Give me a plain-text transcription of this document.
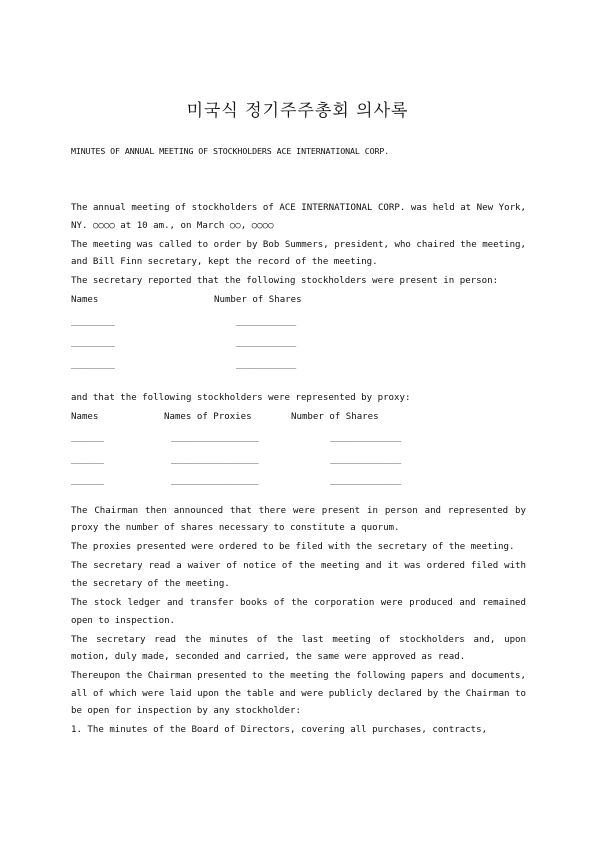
미국식 정기주주총회 의사록
MINUTES OF ANNUAL MEETING OF STOCKHOLDERS ACE INTERNATIONAL CORP.

The annual meeting of stockholders of ACE INTERNATIONAL CORP. was held at New York, NY. ○○○○ at 10 am., on March ○○, ○○○○

The meeting was called to order by Bob Summers, president, who chaired the meeting, and Bill Finn secretary, kept the record of the meeting.

The secretary reported that the following stockholders were present in person:

Names	Number of Shares
________	___________
________	___________
________	___________

and that the following stockholders were represented by proxy:

Names	Names of Proxies	Number of Shares
______	________________	_____________
______	________________	_____________
______	________________	_____________

The Chairman then announced that there were present in person and represented by proxy the number of shares necessary to constitute a quorum.

The proxies presented were ordered to be filed with the secretary of the meeting.

The secretary read a waiver of notice of the meeting and it was ordered filed with the secretary of the meeting.

The stock ledger and transfer books of the corporation were produced and remained open to inspection.

The secretary read the minutes of the last meeting of stockholders and, upon motion, duly made, seconded and carried, the same were approved as read.

Thereupon the Chairman presented to the meeting the following papers and documents, all of which were laid upon the table and were publicly declared by the Chairman to be open for inspection by any stockholder:

1. The minutes of the Board of Directors, covering all purchases, contracts,
